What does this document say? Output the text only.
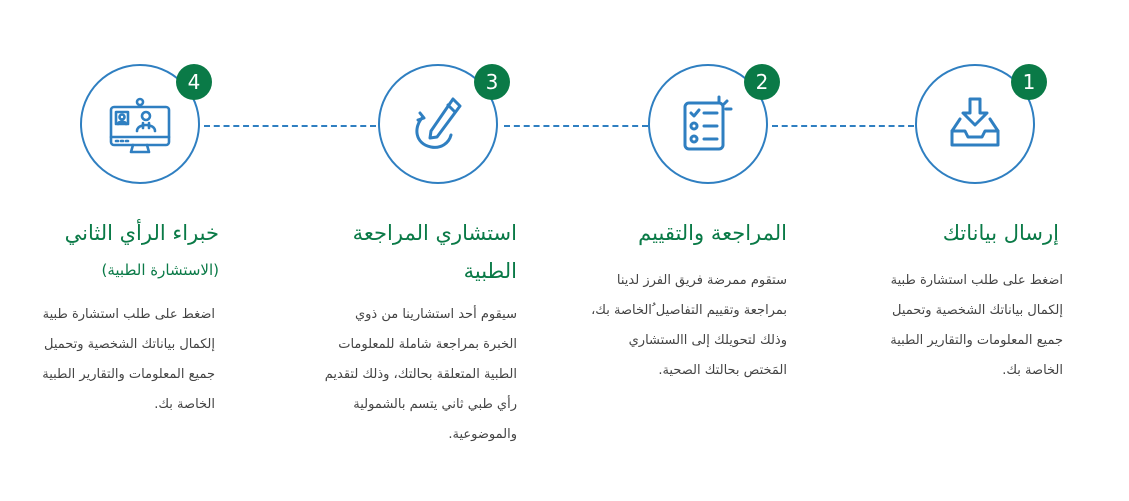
1
إرسال بياناتك

اضغط على طلب استشارة طبية إلكمال بياناتك الشخصية وتحميل جميع المعلومات والتقارير الطبية الخاصة بك.

2
المراجعة والتقييم

ستقوم ممرضة فريق الفرز لدينا بمراجعة وتقييم التفاصيل ُالخاصة بك، وذلك لتحويلك إلى االستشاري المَختص بحالتك الصحية.

3
استشاري المراجعة الطبية

سيقوم أحد استشارينا من ذوي الخبرة بمراجعة شاملة للمعلومات الطبية المتعلقة بحالتك، وذلك لتقديم رأي طبي ثاني يتسم بالشمولية والموضوعية.

4
خبراء الرأي الثاني
(الاستشارة الطبية)

اضغط على طلب استشارة طبية إلكمال بياناتك الشخصية وتحميل جميع المعلومات والتقارير الطبية الخاصة بك.
